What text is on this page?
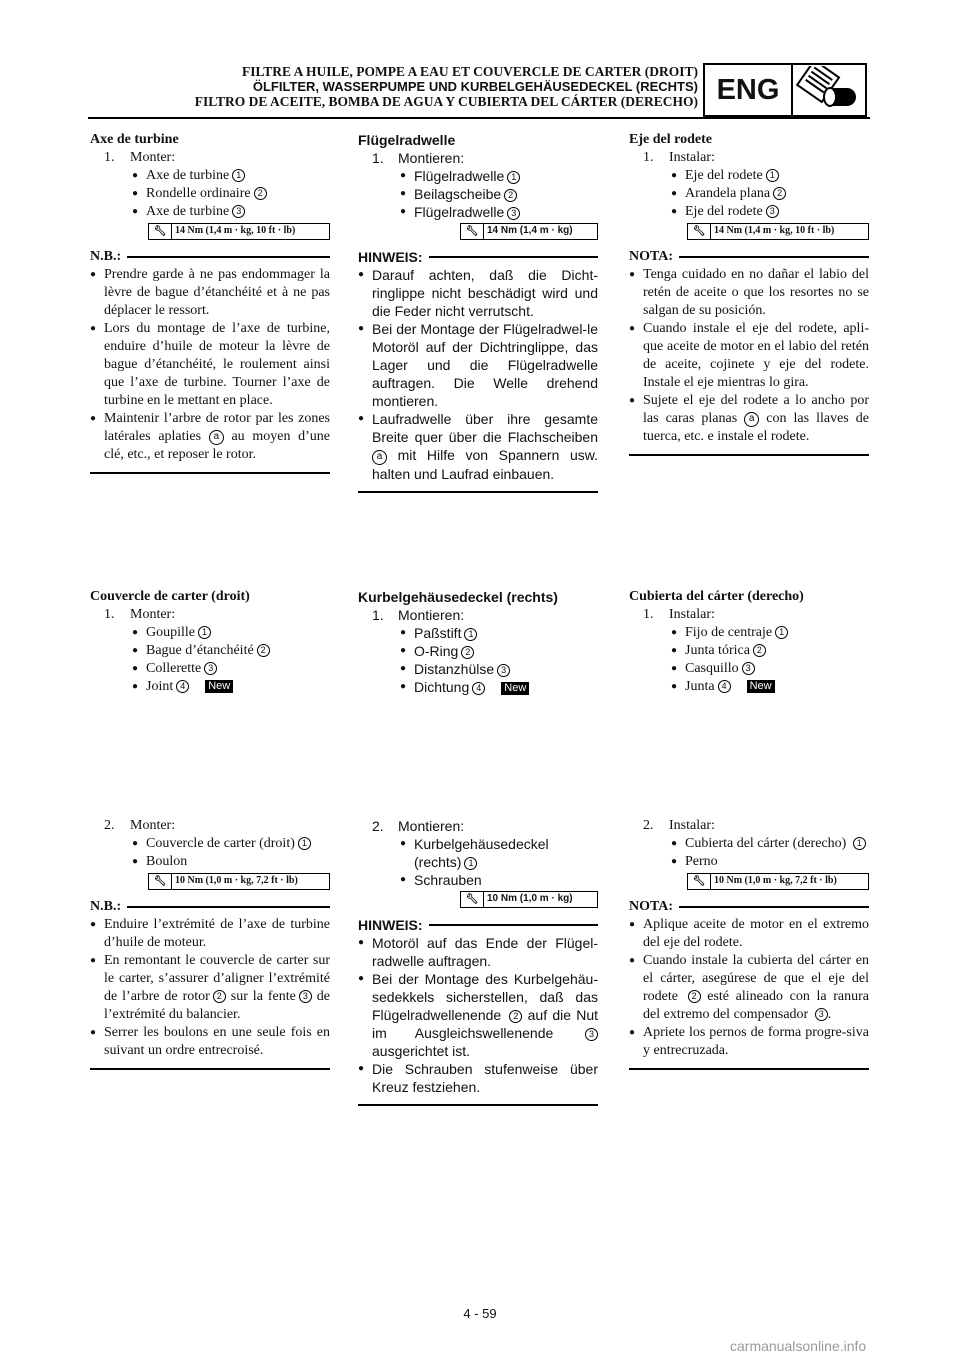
FILTRE A HUILE, POMPE A EAU ET COUVERCLE DE CARTER (DROIT)
ÖLFILTER, WASSERPUMPE UND KURBELGEHÄUSEDECKEL (RECHTS)
FILTRO DE ACEITE, BOMBA DE AGUA Y CUBIERTA DEL CÁRTER (DERECHO) ENG
Axe de turbine
1. Monter:
● Axe de turbine 1
● Rondelle ordinaire 2
● Axe de turbine 3
🔧︎ 14 Nm (1,4 m · kg, 10 ft · lb)
N.B.:
● Prendre garde à ne pas endommager la lèvre de bague d’étanchéité et à ne pas déplacer le ressort.
● Lors du montage de l’axe de turbine, enduire d’huile de moteur la lèvre de bague d’étanchéité, le roulement ainsi que l’axe de turbine. Tourner l’axe de turbine en le mettant en place.
● Maintenir l’arbre de rotor par les zones latérales aplaties a au moyen d’une clé, etc., et reposer le rotor.
Couvercle de carter (droit)
1. Monter:
● Goupille 1
● Bague d’étanchéité 2
● Collerette 3
● Joint 4 New
2. Monter:
● Couvercle de carter (droit) 1
● Boulon
🔧︎ 10 Nm (1,0 m · kg, 7,2 ft · lb)
N.B.:
● Enduire l’extrémité de l’axe de turbine d’huile de moteur.
● En remontant le couvercle de carter sur le carter, s’assurer d’aligner l’extrémité de l’arbre de rotor 2 sur la fente 3 de l’extrémité du balancier.
● Serrer les boulons en une seule fois en suivant un ordre entrecroisé.
Flügelradwelle
1. Montieren:
● Flügelradwelle 1
● Beilagscheibe 2
● Flügelradwelle 3
🔧︎ 14 Nm (1,4 m · kg)
HINWEIS:
● Darauf achten, daß die Dicht-ringlippe nicht beschädigt wird und die Feder nicht verrutscht.
● Bei der Montage der Flügelradwel-le Motoröl auf der Dichtringlippe, das Lager und die Flügelradwelle auftragen. Die Welle drehend montieren.
● Laufradwelle über ihre gesamte Breite quer über die Flachscheiben a mit Hilfe von Spannern usw. halten und Laufrad einbauen.
Kurbelgehäusedeckel (rechts)
1. Montieren:
● Paßstift 1
● O-Ring 2
● Distanzhülse 3
● Dichtung 4 New
2. Montieren:
● Kurbelgehäusedeckel (rechts) 1
● Schrauben
🔧︎ 10 Nm (1,0 m · kg)
HINWEIS:
● Motoröl auf das Ende der Flügel-radwelle auftragen.
● Bei der Montage des Kurbelgehäu-sedekkels sicherstellen, daß das Flügelradwellenende 2 auf die Nut im Ausgleichswellenende	3 ausgerichtet ist.
● Die Schrauben stufenweise über Kreuz festziehen.
Eje del rodete
1. Instalar:
● Eje del rodete 1
● Arandela plana 2
● Eje del rodete 3
🔧︎ 14 Nm (1,4 m · kg, 10 ft · lb)
NOTA:
● Tenga cuidado en no dañar el labio del retén de aceite o que los resortes no se salgan de su posición.
● Cuando instale el eje del rodete, apli-que aceite de motor en el labio del retén de aceite, cojinete y eje del rodete. Instale el eje mientras lo gira.
● Sujete el eje del rodete a lo ancho por las caras planas a con las llaves de tuerca, etc. e instale el rodete.
Cubierta del cárter (derecho)
1. Instalar:
● Fijo de centraje 1
● Junta tórica 2
● Casquillo 3
● Junta 4 New
2. Instalar:
● Cubierta del cárter (derecho) 1
● Perno
🔧︎ 10 Nm (1,0 m · kg, 7,2 ft · lb)
NOTA:
● Aplique aceite de motor en el extremo del eje del rodete.
● Cuando instale la cubierta del cárter en el cárter, asegúrese de que el eje del rodete 2 esté alineado con la ranura del extremo del compensador 3 .
● Apriete los pernos de forma progre-siva y entrecruzada.
4 - 59
carmanualsonline.info
